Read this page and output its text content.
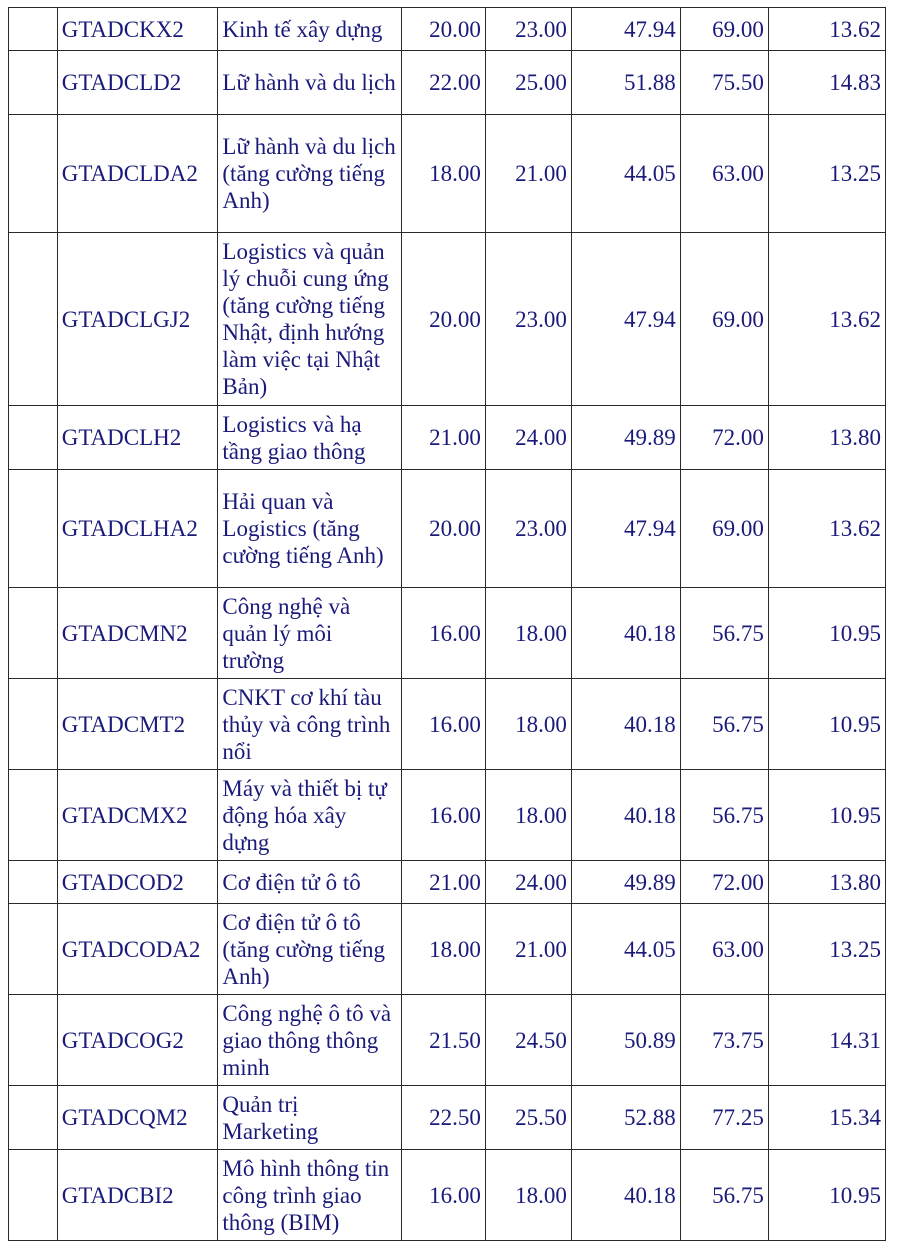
	GTADCKX2	Kinh tế xây dựng	20.00	23.00	47.94	69.00	13.62
	GTADCLD2	Lữ hành và du lịch	22.00	25.00	51.88	75.50	14.83
	GTADCLDA2	Lữ hành và du lịch (tăng cường tiếng Anh)	18.00	21.00	44.05	63.00	13.25
	GTADCLGJ2	Logistics và quản lý chuỗi cung ứng (tăng cường tiếng Nhật, định hướng làm việc tại Nhật Bản)	20.00	23.00	47.94	69.00	13.62
	GTADCLH2	Logistics và hạ tầng giao thông	21.00	24.00	49.89	72.00	13.80
	GTADCLHA2	Hải quan và Logistics (tăng cường tiếng Anh)	20.00	23.00	47.94	69.00	13.62
	GTADCMN2	Công nghệ và quản lý môi trường	16.00	18.00	40.18	56.75	10.95
	GTADCMT2	CNKT cơ khí tàu thủy và công trình nổi	16.00	18.00	40.18	56.75	10.95
	GTADCMX2	Máy và thiết bị tự động hóa xây dựng	16.00	18.00	40.18	56.75	10.95
	GTADCOD2	Cơ điện tử ô tô	21.00	24.00	49.89	72.00	13.80
	GTADCODA2	Cơ điện tử ô tô (tăng cường tiếng Anh)	18.00	21.00	44.05	63.00	13.25
	GTADCOG2	Công nghệ ô tô và giao thông thông minh	21.50	24.50	50.89	73.75	14.31
	GTADCQM2	Quản trị Marketing	22.50	25.50	52.88	77.25	15.34
	GTADCBI2	Mô hình thông tin công trình giao thông (BIM)	16.00	18.00	40.18	56.75	10.95
